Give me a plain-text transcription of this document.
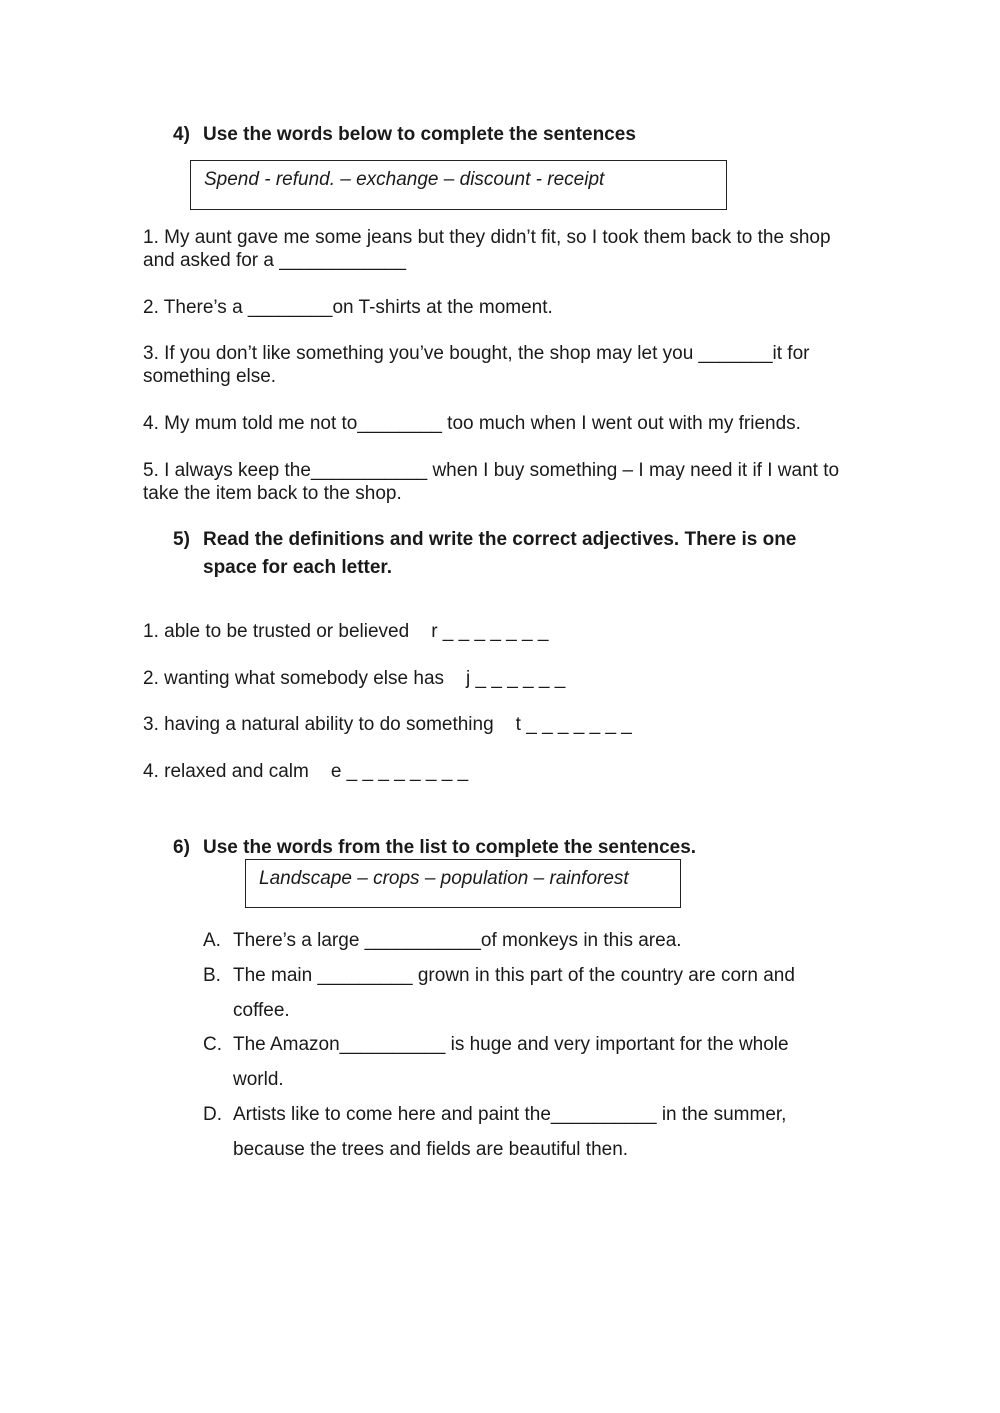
4) Use the words below to complete the sentences
Spend - refund. – exchange – discount - receipt
1. My aunt gave me some jeans but they didn’t fit, so I took them back to the shop and asked for a ____________
2. There’s a ________on T-shirts at the moment.
3. If you don’t like something you’ve bought, the shop may let you _______it for something else.
4. My mum told me not to________ too much when I went out with my friends.
5. I always keep the___________ when I buy something – I may need it if I want to take the item back to the shop.
5) Read the definitions and write the correct adjectives. There is one space for each letter.
1. able to be trusted or believed r _ _ _ _ _ _ _
2. wanting what somebody else has j _ _ _ _ _ _
3. having a natural ability to do something t _ _ _ _ _ _ _
4. relaxed and calm e _ _ _ _ _ _ _ _
6) Use the words from the list to complete the sentences.
Landscape – crops – population – rainforest
A. There’s a large ___________of monkeys in this area.
B. The main _________ grown in this part of the country are corn and coffee.
C. The Amazon__________ is huge and very important for the whole world.
D. Artists like to come here and paint the__________ in the summer, because the trees and fields are beautiful then.
